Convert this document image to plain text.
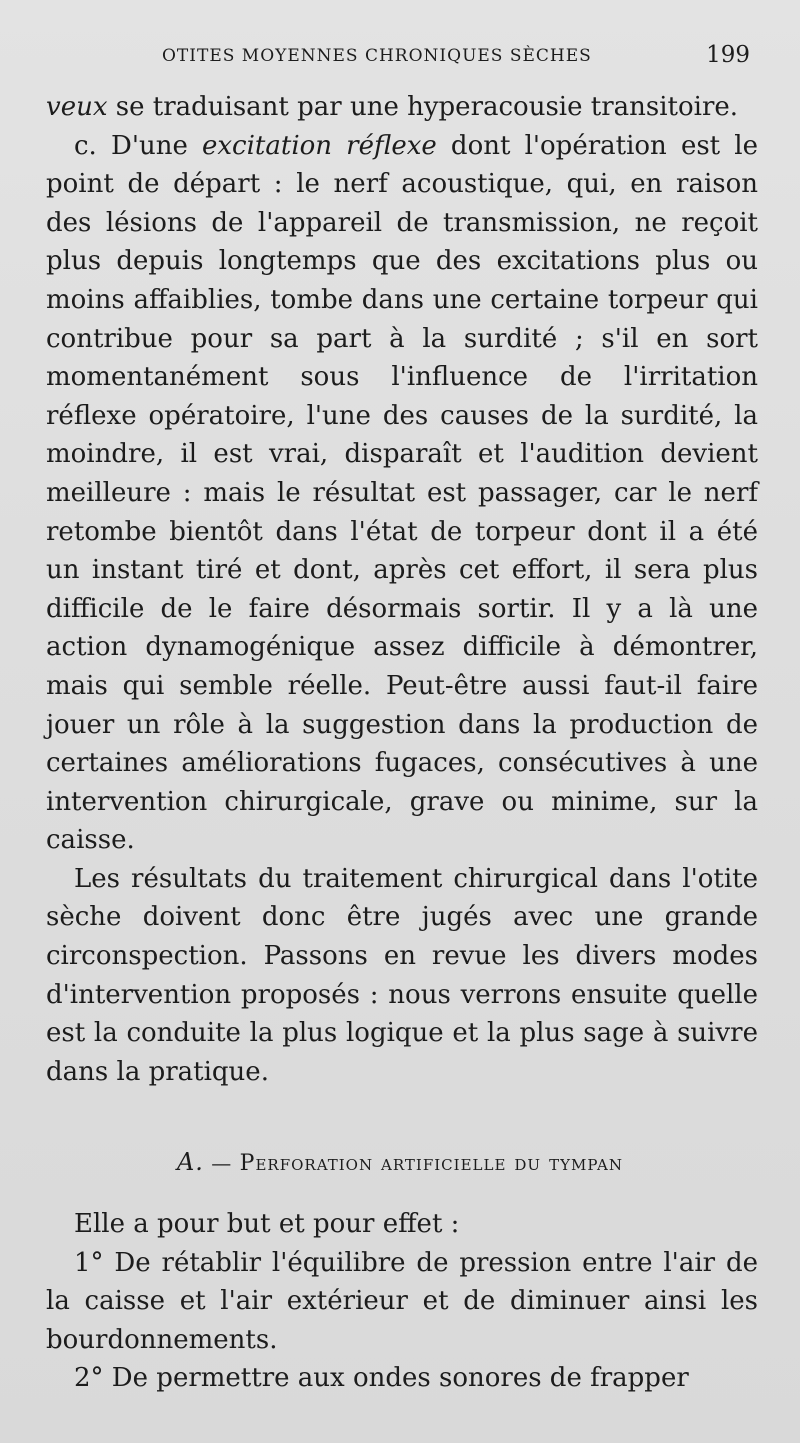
OTITES MOYENNES CHRONIQUES SÈCHES	199

veux se traduisant par une hyperacousie transitoire.

c. D'une excitation réflexe dont l'opération est le point de départ : le nerf acoustique, qui, en raison des lésions de l'appareil de transmission, ne reçoit plus depuis longtemps que des excitations plus ou moins affaiblies, tombe dans une certaine torpeur qui contribue pour sa part à la surdité ; s'il en sort momentanément sous l'influence de l'irritation réflexe opératoire, l'une des causes de la surdité, la moindre, il est vrai, disparaît et l'audition devient meilleure : mais le résultat est passager, car le nerf retombe bientôt dans l'état de torpeur dont il a été un instant tiré et dont, après cet effort, il sera plus difficile de le faire désormais sortir. Il y a là une action dynamogénique assez difficile à démontrer, mais qui semble réelle. Peut-être aussi faut-il faire jouer un rôle à la suggestion dans la production de certaines améliorations fugaces, consécutives à une intervention chirurgicale, grave ou minime, sur la caisse.

Les résultats du traitement chirurgical dans l'otite sèche doivent donc être jugés avec une grande circonspection. Passons en revue les divers modes d'intervention proposés : nous verrons ensuite quelle est la conduite la plus logique et la plus sage à suivre dans la pratique.

A. — Perforation artificielle du tympan

Elle a pour but et pour effet :

1° De rétablir l'équilibre de pression entre l'air de la caisse et l'air extérieur et de diminuer ainsi les bourdonnements.

2° De permettre aux ondes sonores de frapper
